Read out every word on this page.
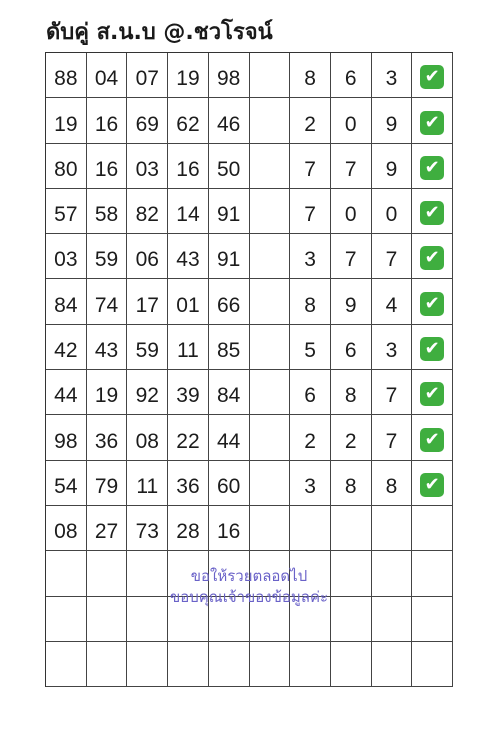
ดับคู่ ส.น.บ @.ชวโรจน์
88 04 07 19 98	8	6	3	✔
19 16 69 62 46	2	0	9	✔
80 16 03 16 50	7	7	9	✔
57 58 82 14 91	7	0	0	✔
03 59 06 43 91	3	7	7	✔
84 74 17 01 66	8	9	4	✔
42 43 59 11 85	5	6	3	✔
44 19 92 39 84	6	8	7	✔
98 36 08 22 44	2	2	7	✔
54 79 11 36 60	3	8	8	✔
08 27 73 28 16
ขอให้รวยตลอดไป
ขอบคุณเจ้าของข้อมูลค่ะ
